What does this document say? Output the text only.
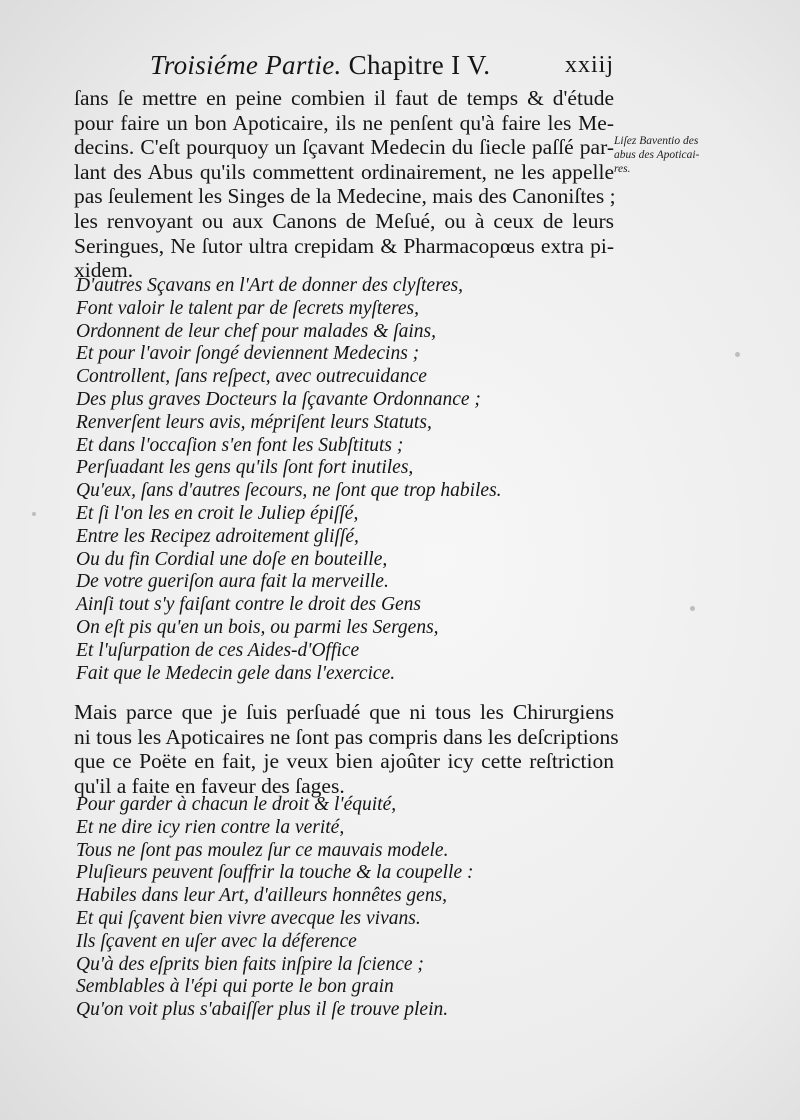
Troisiéme Partie. Chapitre I V.	xxiij
ſans ſe mettre en peine combien il faut de temps & d'étude
pour faire un bon Apoticaire, ils ne penſent qu'à faire les Me-
decins. C'eſt pourquoy un ſçavant Medecin du ſiecle paſſé par-
lant des Abus qu'ils commettent ordinairement, ne les appelle
pas ſeulement les Singes de la Medecine, mais des Canoniſtes ;
les renvoyant ou aux Canons de Meſué, ou à ceux de leurs
Seringues, Ne ſutor ultra crepidam & Pharmacopœus extra pi-
xidem.
Liſez Baventio des
abus des Apoticai-
res.
D'autres Sçavans en l'Art de donner des clyſteres,
Font valoir le talent par de ſecrets myſteres,
Ordonnent de leur chef pour malades & ſains,
Et pour l'avoir ſongé deviennent Medecins ;
Controllent, ſans reſpect, avec outrecuidance
Des plus graves Docteurs la ſçavante Ordonnance ;
Renverſent leurs avis, mépriſent leurs Statuts,
Et dans l'occaſion s'en font les Subſtituts ;
Perſuadant les gens qu'ils ſont fort inutiles,
Qu'eux, ſans d'autres ſecours, ne ſont que trop habiles.
Et ſi l'on les en croit le Juliep épiſſé,
Entre les Recipez adroitement gliſſé,
Ou du fin Cordial une doſe en bouteille,
De votre gueriſon aura fait la merveille.
Ainſi tout s'y faiſant contre le droit des Gens
On eſt pis qu'en un bois, ou parmi les Sergens,
Et l'uſurpation de ces Aides-d'Office
Fait que le Medecin gele dans l'exercice.
Mais parce que je ſuis perſuadé que ni tous les Chirurgiens
ni tous les Apoticaires ne ſont pas compris dans les deſcriptions
que ce Poëte en fait, je veux bien ajoûter icy cette reſtriction
qu'il a faite en faveur des ſages.
Pour garder à chacun le droit & l'équité,
Et ne dire icy rien contre la verité,
Tous ne ſont pas moulez ſur ce mauvais modele.
Pluſieurs peuvent ſouffrir la touche & la coupelle :
Habiles dans leur Art, d'ailleurs honnêtes gens,
Et qui ſçavent bien vivre avecque les vivans.
Ils ſçavent en uſer avec la déference
Qu'à des eſprits bien faits inſpire la ſcience ;
Semblables à l'épi qui porte le bon grain
Qu'on voit plus s'abaiſſer plus il ſe trouve plein.
